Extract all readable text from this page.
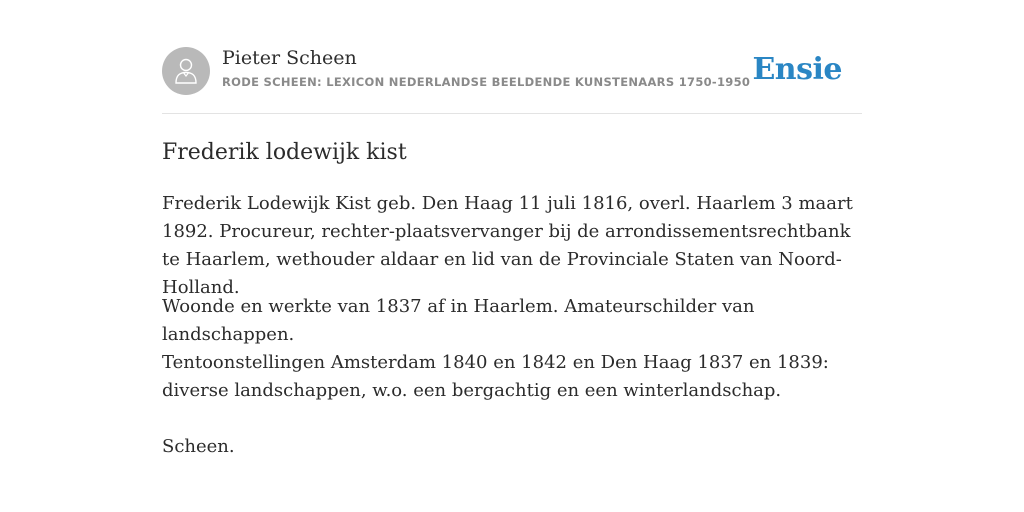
Pieter Scheen
RODE SCHEEN: LEXICON NEDERLANDSE BEELDENDE KUNSTENAARS 1750-1950 Ensie
Frederik lodewijk kist

Frederik Lodewijk Kist geb. Den Haag 11 juli 1816, overl. Haarlem 3 maart 1892. Procureur, rechter-plaatsvervanger bij de arrondissementsrechtbank te Haarlem, wethouder aldaar en lid van de Provinciale Staten van Noord-Holland.

Woonde en werkte van 1837 af in Haarlem. Amateurschilder van landschappen.

Tentoonstellingen Amsterdam 1840 en 1842 en Den Haag 1837 en 1839: diverse landschappen, w.o. een bergachtig en een winterlandschap.

Scheen.
